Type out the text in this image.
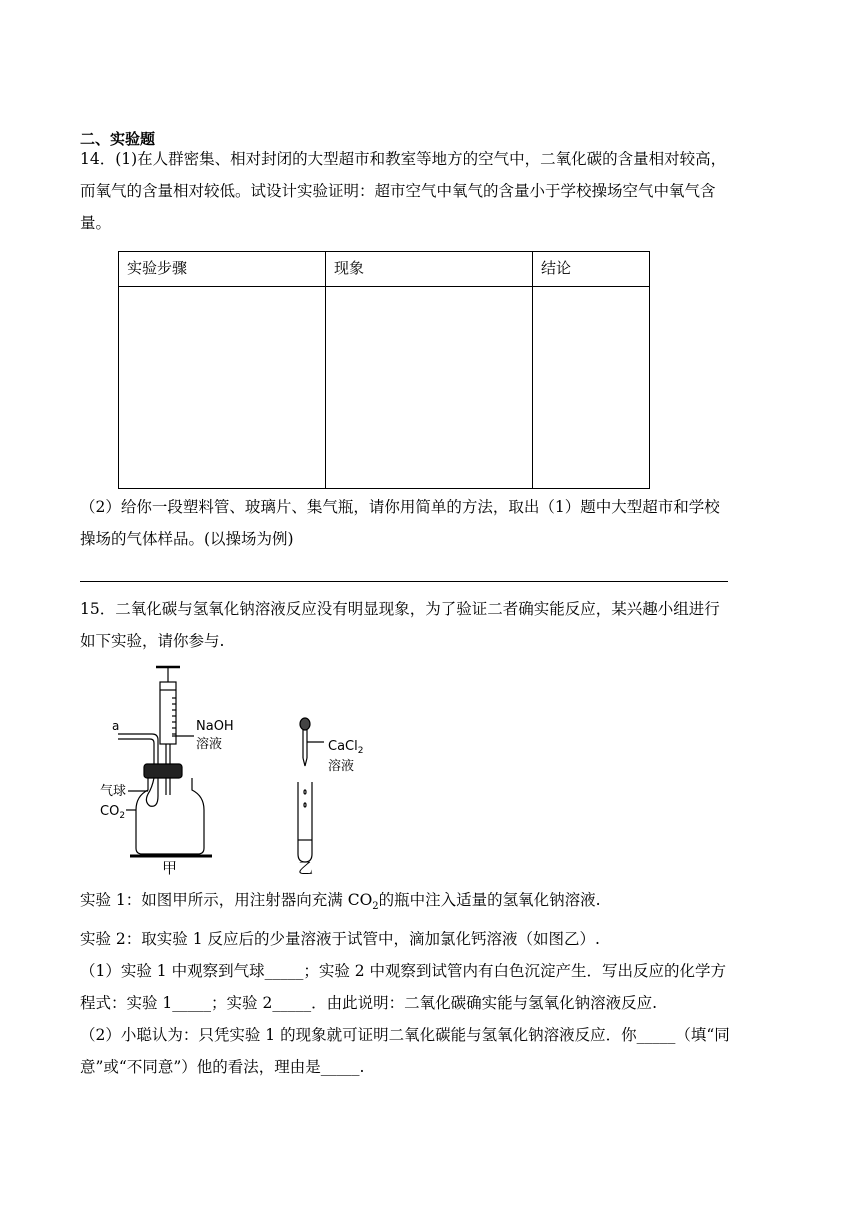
二、实验题
14．(1)在人群密集、相对封闭的大型超市和教室等地方的空气中，二氧化碳的含量相对较高，
而氧气的含量相对较低。试设计实验证明：超市空气中氧气的含量小于学校操场空气中氧气含
量。
实验步骤	现象	结论

（2）给你一段塑料管、玻璃片、集气瓶，请你用简单的方法，取出（1）题中大型超市和学校
操场的气体样品。(以操场为例)
15．二氧化碳与氢氧化钠溶液反应没有明显现象，为了验证二者确实能反应，某兴趣小组进行
如下实验，请你参与.
a	NaOH
溶液
气球
$CO_2$
CaCl$_2$
溶液
甲	乙
实验 1：如图甲所示，用注射器向充满 $CO_2$的瓶中注入适量的氢氧化钠溶液.
实验 2：取实验 1 反应后的少量溶液于试管中，滴加氯化钙溶液（如图乙）.
（1）实验 1 中观察到气球_____；实验 2 中观察到试管内有白色沉淀产生．写出反应的化学方
程式：实验 1_____；实验 2_____．由此说明：二氧化碳确实能与氢氧化钠溶液反应.
（2）小聪认为：只凭实验 1 的现象就可证明二氧化碳能与氢氧化钠溶液反应．你_____（填“同
意”或“不同意”）他的看法，理由是_____.
